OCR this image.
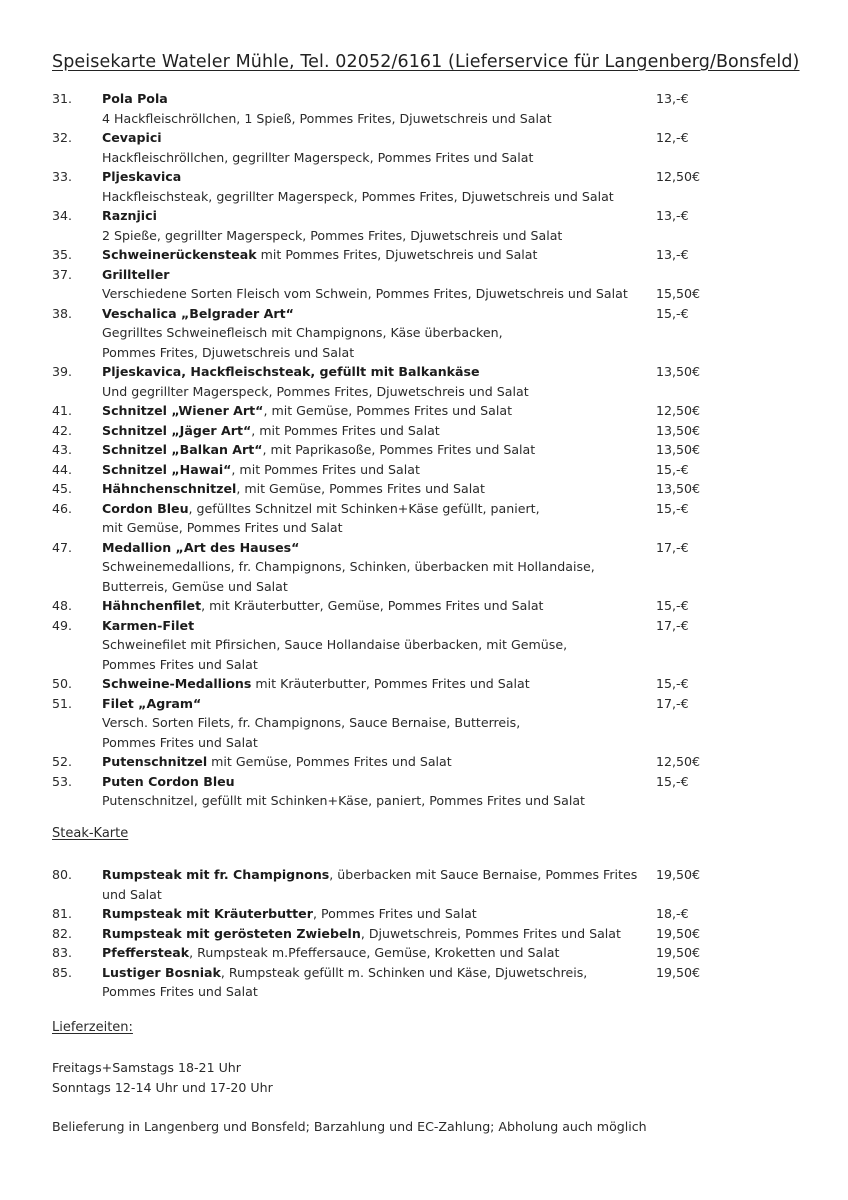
Speisekarte Wateler Mühle, Tel. 02052/6161 (Lieferservice für Langenberg/Bonsfeld)
31.	Pola Pola	13,-€
4 Hackfleischröllchen, 1 Spieß, Pommes Frites, Djuwetschreis und Salat
32.	Cevapici	12,-€
Hackfleischröllchen, gegrillter Magerspeck, Pommes Frites und Salat
33.	Pljeskavica	12,50€
Hackfleischsteak, gegrillter Magerspeck, Pommes Frites, Djuwetschreis und Salat
34.	Raznjici	13,-€
2 Spieße, gegrillter Magerspeck, Pommes Frites, Djuwetschreis und Salat
35.	Schweinerückensteak mit Pommes Frites, Djuwetschreis und Salat	13,-€
37.	Grillteller
Verschiedene Sorten Fleisch vom Schwein, Pommes Frites, Djuwetschreis und Salat	15,50€
38.	Veschalica „Belgrader Art“	15,-€
Gegrilltes Schweinefleisch mit Champignons, Käse überbacken,
Pommes Frites, Djuwetschreis und Salat
39.	Pljeskavica, Hackfleischsteak, gefüllt mit Balkankäse	13,50€
Und gegrillter Magerspeck, Pommes Frites, Djuwetschreis und Salat
41.	Schnitzel „Wiener Art“, mit Gemüse, Pommes Frites und Salat	12,50€
42.	Schnitzel „Jäger Art“, mit Pommes Frites und Salat	13,50€
43.	Schnitzel „Balkan Art“, mit Paprikasoße, Pommes Frites und Salat	13,50€
44.	Schnitzel „Hawai“, mit Pommes Frites und Salat	15,-€
45.	Hähnchenschnitzel, mit Gemüse, Pommes Frites und Salat	13,50€
46.	Cordon Bleu, gefülltes Schnitzel mit Schinken+Käse gefüllt, paniert,	15,-€
mit Gemüse, Pommes Frites und Salat
47.	Medallion „Art des Hauses“	17,-€
Schweinemedallions, fr. Champignons, Schinken, überbacken mit Hollandaise,
Butterreis, Gemüse und Salat
48.	Hähnchenfilet, mit Kräuterbutter, Gemüse, Pommes Frites und Salat	15,-€
49.	Karmen-Filet	17,-€
Schweinefilet mit Pfirsichen, Sauce Hollandaise überbacken, mit Gemüse,
Pommes Frites und Salat
50.	Schweine-Medallions mit Kräuterbutter, Pommes Frites und Salat	15,-€
51.	Filet „Agram“	17,-€
Versch. Sorten Filets, fr. Champignons, Sauce Bernaise, Butterreis,
Pommes Frites und Salat
52.	Putenschnitzel mit Gemüse, Pommes Frites und Salat	12,50€
53.	Puten Cordon Bleu	15,-€
Putenschnitzel, gefüllt mit Schinken+Käse, paniert, Pommes Frites und Salat
Steak-Karte
80.	Rumpsteak mit fr. Champignons, überbacken mit Sauce Bernaise, Pommes Frites	19,50€
und Salat
81.	Rumpsteak mit Kräuterbutter, Pommes Frites und Salat	18,-€
82.	Rumpsteak mit gerösteten Zwiebeln, Djuwetschreis, Pommes Frites und Salat	19,50€
83.	Pfeffersteak, Rumpsteak m.Pfeffersauce, Gemüse, Kroketten und Salat	19,50€
85.	Lustiger Bosniak, Rumpsteak gefüllt m. Schinken und Käse, Djuwetschreis,	19,50€
Pommes Frites und Salat
Lieferzeiten:
Freitags+Samstags 18-21 Uhr
Sonntags 12-14 Uhr und 17-20 Uhr
Belieferung in Langenberg und Bonsfeld; Barzahlung und EC-Zahlung; Abholung auch möglich
